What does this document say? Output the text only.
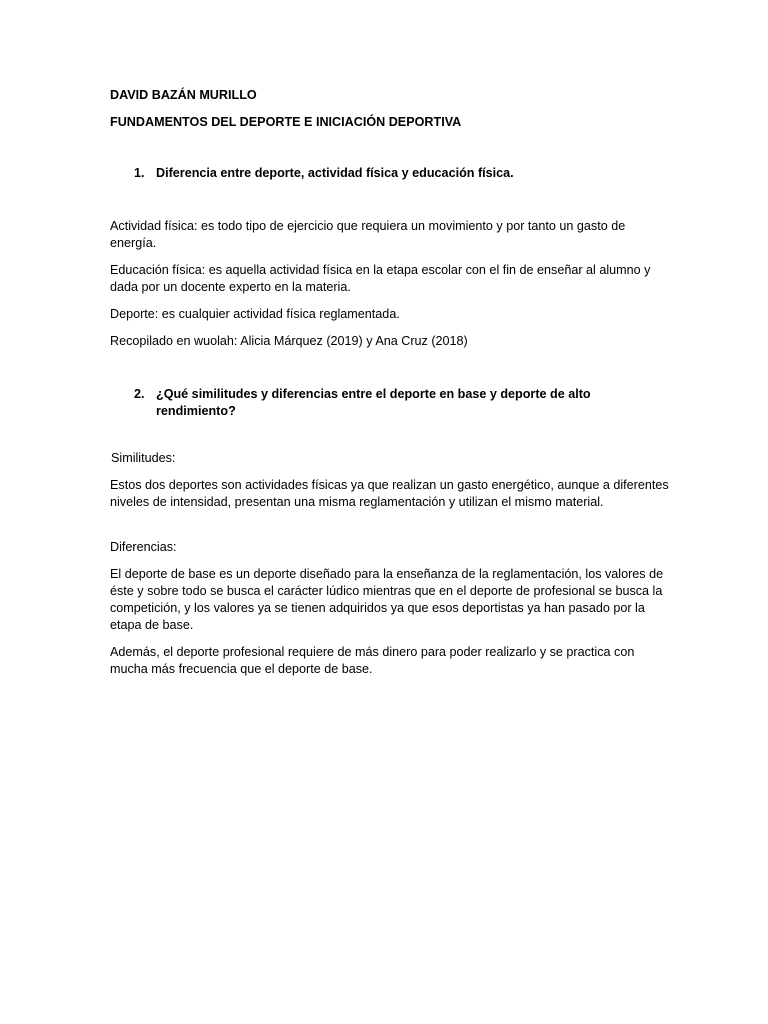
DAVID BAZÁN MURILLO

FUNDAMENTOS DEL DEPORTE E INICIACIÓN DEPORTIVA

1. Diferencia entre deporte, actividad física y educación física.

Actividad física: es todo tipo de ejercicio que requiera un movimiento y por tanto un gasto de energía.

Educación física: es aquella actividad física en la etapa escolar con el fin de enseñar al alumno y dada por un docente experto en la materia.

Deporte: es cualquier actividad física reglamentada.

Recopilado en wuolah: Alicia Márquez (2019) y Ana Cruz (2018)

2. ¿Qué similitudes y diferencias entre el deporte en base y deporte de alto rendimiento?

Similitudes:

Estos dos deportes son actividades físicas ya que realizan un gasto energético, aunque a diferentes niveles de intensidad, presentan una misma reglamentación y utilizan el mismo material.

Diferencias:

El deporte de base es un deporte diseñado para la enseñanza de la reglamentación, los valores de éste y sobre todo se busca el carácter lúdico mientras que en el deporte de profesional se busca la competición, y los valores ya se tienen adquiridos ya que esos deportistas ya han pasado por la etapa de base.

Además, el deporte profesional requiere de más dinero para poder realizarlo y se practica con mucha más frecuencia que el deporte de base.
